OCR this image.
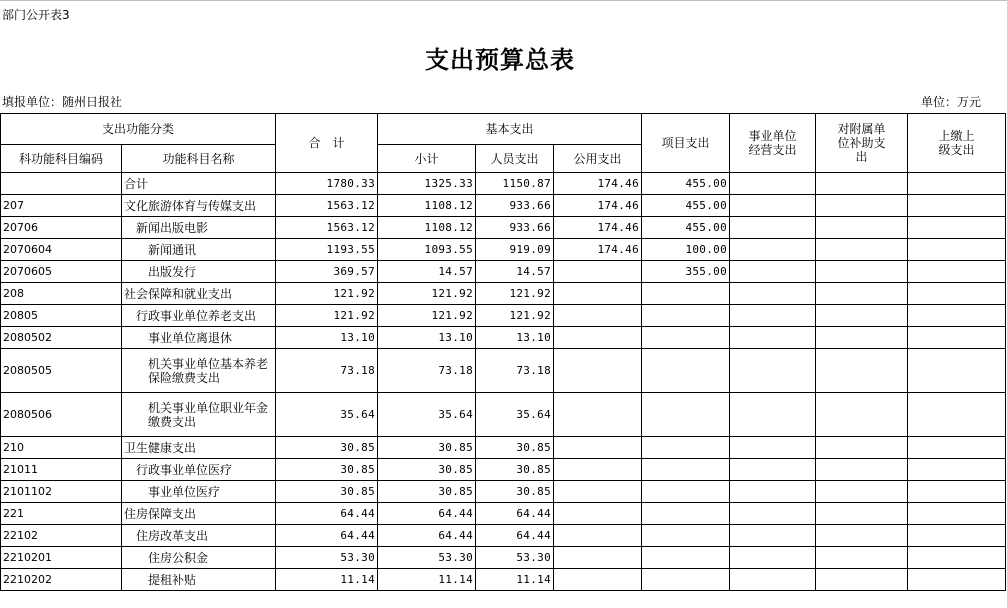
部门公开表3
支出预算总表
填报单位：随州日报社	单位：万元
支出功能分类		合　计	基本支出			项目支出	事业单位经营支出	对附属单位补助支出	上缴上级支出
科功能科目编码	功能科目名称		小计	人员支出	公用支出				
	合计	1780.33	1325.33	1150.87	174.46	455.00			
207	文化旅游体育与传媒支出	1563.12	1108.12	933.66	174.46	455.00			
20706	新闻出版电影	1563.12	1108.12	933.66	174.46	455.00			
2070604	新闻通讯	1193.55	1093.55	919.09	174.46	100.00			
2070605	出版发行	369.57	14.57	14.57		355.00			
208	社会保障和就业支出	121.92	121.92	121.92					
20805	行政事业单位养老支出	121.92	121.92	121.92					
2080502	事业单位离退休	13.10	13.10	13.10					
2080505	机关事业单位基本养老保险缴费支出	73.18	73.18	73.18					
2080506	机关事业单位职业年金缴费支出	35.64	35.64	35.64					
210	卫生健康支出	30.85	30.85	30.85					
21011	行政事业单位医疗	30.85	30.85	30.85					
2101102	事业单位医疗	30.85	30.85	30.85					
221	住房保障支出	64.44	64.44	64.44					
22102	住房改革支出	64.44	64.44	64.44					
2210201	住房公积金	53.30	53.30	53.30					
2210202	提租补贴	11.14	11.14	11.14					
